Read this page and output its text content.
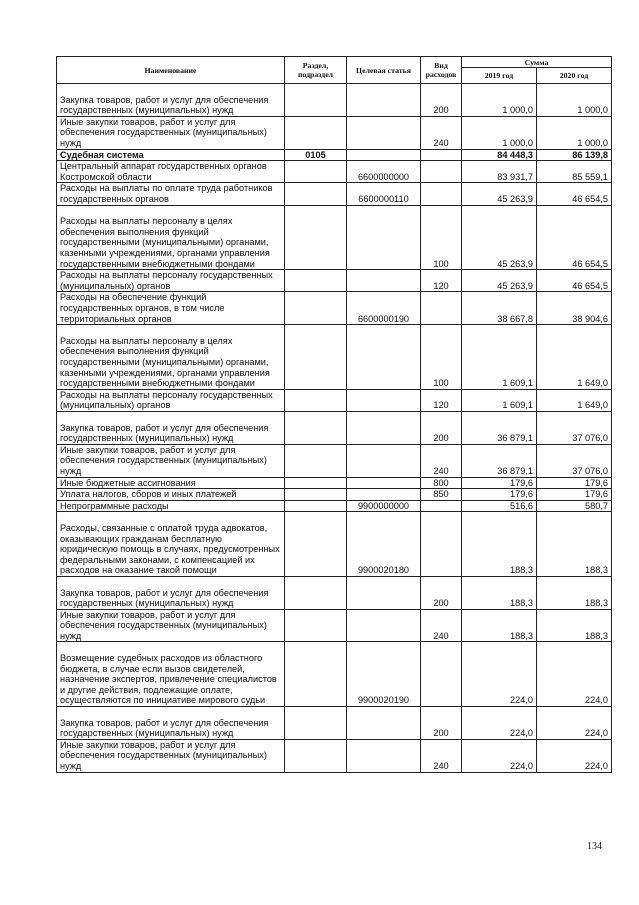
Наименование	Раздел, подраздел	Целевая статья	Вид расходов	Сумма	
				2019 год	2020 год
Закупка товаров, работ и услуг для обеспечения государственных (муниципальных) нужд			200	1 000,0	1 000,0
Иные закупки товаров, работ и услуг для обеспечения государственных (муниципальных) нужд			240	1 000,0	1 000,0
Судебная система	0105			84 448,3	86 139,8
Центральный аппарат государственных органов Костромской области		6600000000		83 931,7	85 559,1
Расходы на выплаты по оплате труда работников государственных органов		6600000110		45 263,9	46 654,5
Расходы на выплаты персоналу в целях обеспечения выполнения функций государственными (муниципальными) органами, казенными учреждениями, органами управления государственными внебюджетными фондами			100	45 263,9	46 654,5
Расходы на выплаты персоналу государственных (муниципальных) органов			120	45 263,9	46 654,5
Расходы на обеспечение функций государственных органов, в том числе территориальных органов		6600000190		38 667,8	38 904,6
Расходы на выплаты персоналу в целях обеспечения выполнения функций государственными (муниципальными) органами, казенными учреждениями, органами управления государственными внебюджетными фондами			100	1 609,1	1 649,0
Расходы на выплаты персоналу государственных (муниципальных) органов			120	1 609,1	1 649,0
Закупка товаров, работ и услуг для обеспечения государственных (муниципальных) нужд			200	36 879,1	37 076,0
Иные закупки товаров, работ и услуг для обеспечения государственных (муниципальных) нужд			240	36 879,1	37 076,0
Иные бюджетные ассигнования			800	179,6	179,6
Уплата налогов, сборов и иных платежей			850	179,6	179,6
Непрограммные расходы		9900000000		516,6	580,7
Расходы, связанные с оплатой труда адвокатов, оказывающих гражданам бесплатную юридическую помощь в случаях, предусмотренных федеральными законами, с компенсацией их расходов на оказание такой помощи		9900020180		188,3	188,3
Закупка товаров, работ и услуг для обеспечения государственных (муниципальных) нужд			200	188,3	188,3
Иные закупки товаров, работ и услуг для обеспечения государственных (муниципальных) нужд			240	188,3	188,3
Возмещение судебных расходов из областного бюджета, в случае если вызов свидетелей, назначение экспертов, привлечение специалистов и другие действия, подлежащие оплате, осуществляются по инициативе мирового судьи		9900020190		224,0	224,0
Закупка товаров, работ и услуг для обеспечения государственных (муниципальных) нужд			200	224,0	224,0
Иные закупки товаров, работ и услуг для обеспечения государственных (муниципальных) нужд			240	224,0	224,0
134
